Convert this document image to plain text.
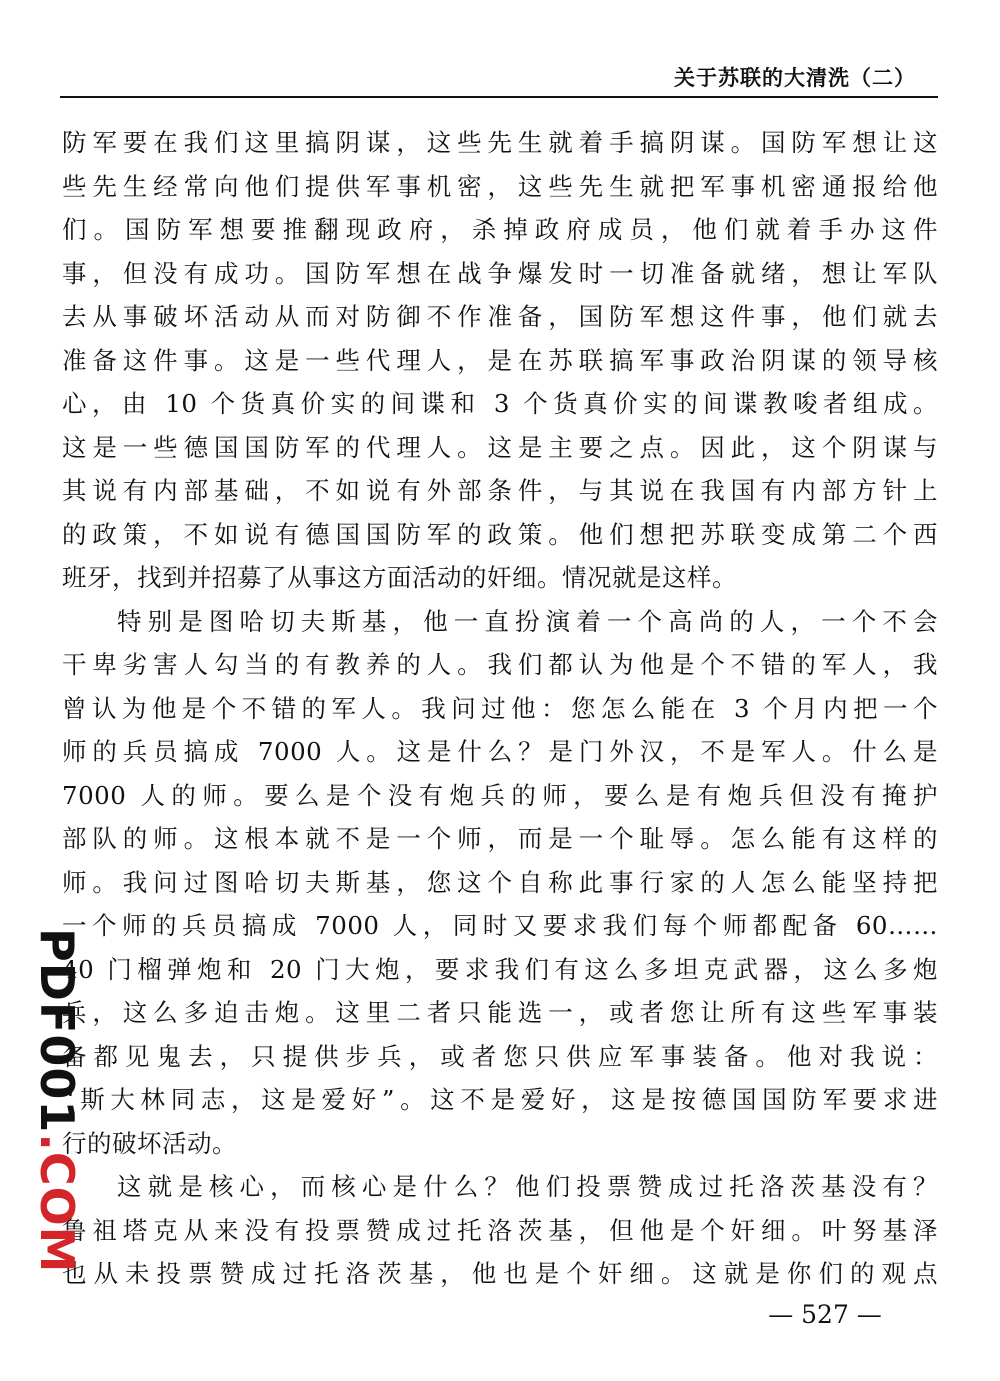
关于苏联的大清洗（二）
防军要在我们这里搞阴谋，这些先生就着手搞阴谋。国防军想让这
些先生经常向他们提供军事机密，这些先生就把军事机密通报给他
们。国防军想要推翻现政府，杀掉政府成员，他们就着手办这件
事，但没有成功。国防军想在战争爆发时一切准备就绪，想让军队
去从事破坏活动从而对防御不作准备，国防军想这件事，他们就去
准备这件事。这是一些代理人，是在苏联搞军事政治阴谋的领导核
心，由 10 个货真价实的间谍和 3 个货真价实的间谍教唆者组成。
这是一些德国国防军的代理人。这是主要之点。因此，这个阴谋与
其说有内部基础，不如说有外部条件，与其说在我国有内部方针上
的政策，不如说有德国国防军的政策。他们想把苏联变成第二个西
班牙，找到并招募了从事这方面活动的奸细。情况就是这样。
特别是图哈切夫斯基，他一直扮演着一个高尚的人，一个不会
干卑劣害人勾当的有教养的人。我们都认为他是个不错的军人，我
曾认为他是个不错的军人。我问过他：您怎么能在 3 个月内把一个
师的兵员搞成 7000 人。这是什么？是门外汉，不是军人。什么是
7000 人的师。要么是个没有炮兵的师，要么是有炮兵但没有掩护
部队的师。这根本就不是一个师，而是一个耻辱。怎么能有这样的
师。我问过图哈切夫斯基，您这个自称此事行家的人怎么能坚持把
一个师的兵员搞成 7000 人，同时又要求我们每个师都配备 60……
40 门榴弹炮和 20 门大炮，要求我们有这么多坦克武器，这么多炮
兵，这么多迫击炮。这里二者只能选一，或者您让所有这些军事装
备都见鬼去，只提供步兵，或者您只供应军事装备。他对我说：
“斯大林同志，这是爱好”。这不是爱好，这是按德国国防军要求进
行的破坏活动。
这就是核心，而核心是什么？他们投票赞成过托洛茨基没有？
鲁祖塔克从来没有投票赞成过托洛茨基，但他是个奸细。叶努基泽
也从未投票赞成过托洛茨基，他也是个奸细。这就是你们的观点
PDF001.COM
— 527 —
